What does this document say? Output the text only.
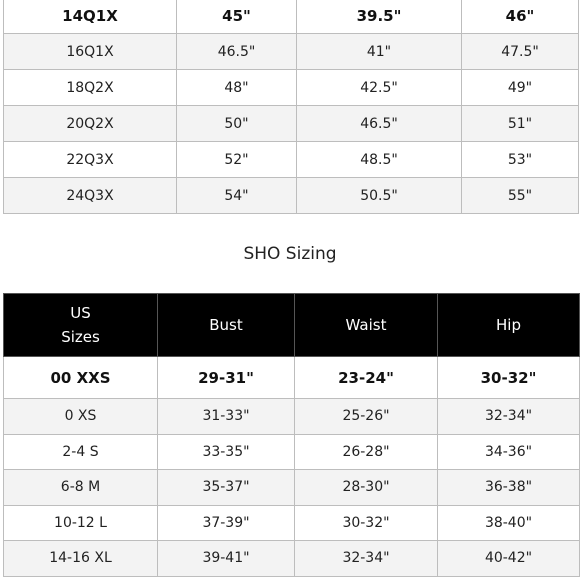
14Q1X	45"	39.5"	46"
16Q1X	46.5"	41"	47.5"
18Q2X	48"	42.5"	49"
20Q2X	50"	46.5"	51"
22Q3X	52"	48.5"	53"
24Q3X	54"	50.5"	55"
SHO Sizing
US
Sizes	Bust	Waist	Hip
00 XXS	29-31"	23-24"	30-32"
0 XS	31-33"	25-26"	32-34"
2-4 S	33-35"	26-28"	34-36"
6-8 M	35-37"	28-30"	36-38"
10-12 L	37-39"	30-32"	38-40"
14-16 XL	39-41"	32-34"	40-42"
